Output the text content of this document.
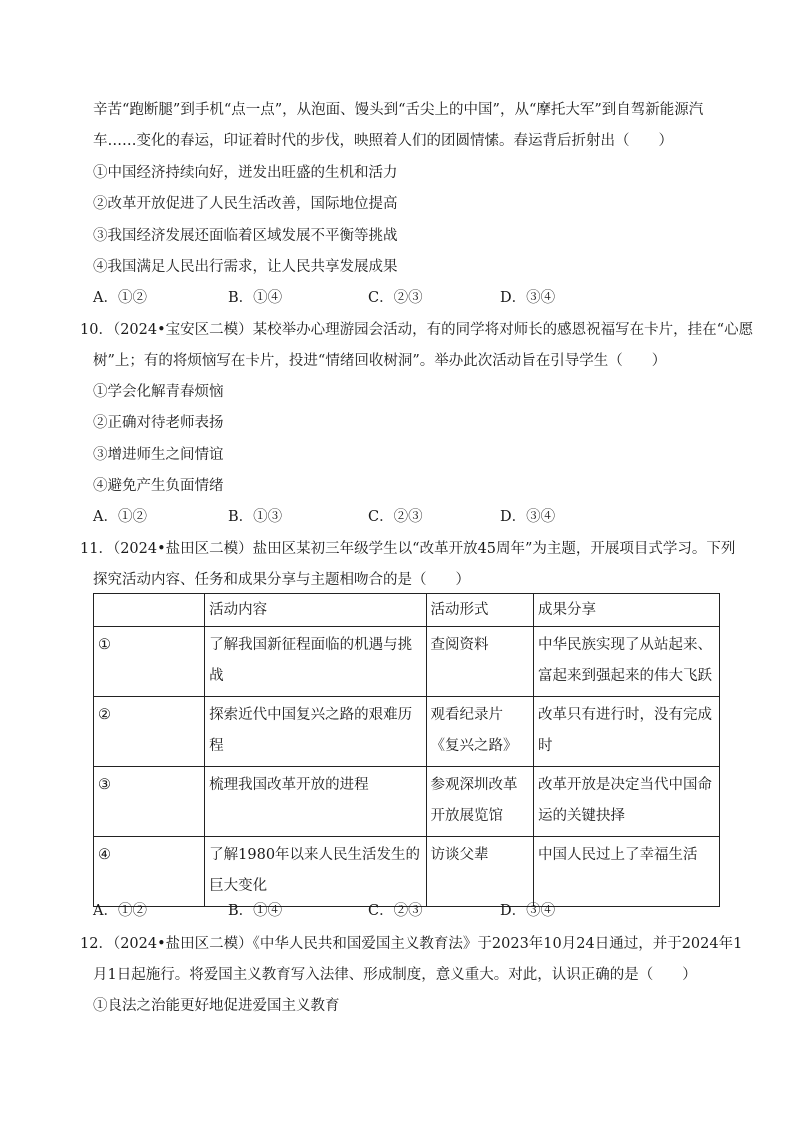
辛苦“跑断腿”到手机“点一点”，从泡面、馒头到“舌尖上的中国”，从“摩托大军”到自驾新能源汽
车……变化的春运，印证着时代的步伐，映照着人们的团圆情愫。春运背后折射出（　　）
①中国经济持续向好，迸发出旺盛的生机和活力
②改革开放促进了人民生活改善，国际地位提高
③我国经济发展还面临着区域发展不平衡等挑战
④我国满足人民出行需求，让人民共享发展成果
A．①②	B．①④	C．②③	D．③④
10．（2024•宝安区二模）某校举办心理游园会活动，有的同学将对师长的感恩祝福写在卡片，挂在“心愿
树”上；有的将烦恼写在卡片，投进“情绪回收树洞”。举办此次活动旨在引导学生（　　）
①学会化解青春烦恼
②正确对待老师表扬
③增进师生之间情谊
④避免产生负面情绪
A．①②	B．①③	C．②③	D．③④
11．（2024•盐田区二模）盐田区某初三年级学生以“改革开放45周年”为主题，开展项目式学习。下列
探究活动内容、任务和成果分享与主题相吻合的是（　　）
	活动内容	活动形式	成果分享
①	了解我国新征程面临的机遇与挑战	查阅资料	中华民族实现了从站起来、富起来到强起来的伟大飞跃
②	探索近代中国复兴之路的艰难历程	观看纪录片《复兴之路》	改革只有进行时，没有完成时
③	梳理我国改革开放的进程	参观深圳改革开放展览馆	改革开放是决定当代中国命运的关键抉择
④	了解1980年以来人民生活发生的巨大变化	访谈父辈	中国人民过上了幸福生活
A．①②	B．①④	C．②③	D．③④
12．（2024•盐田区二模）《中华人民共和国爱国主义教育法》于2023年10月24日通过，并于2024年1
月1日起施行。将爱国主义教育写入法律、形成制度，意义重大。对此，认识正确的是（　　）
①良法之治能更好地促进爱国主义教育
